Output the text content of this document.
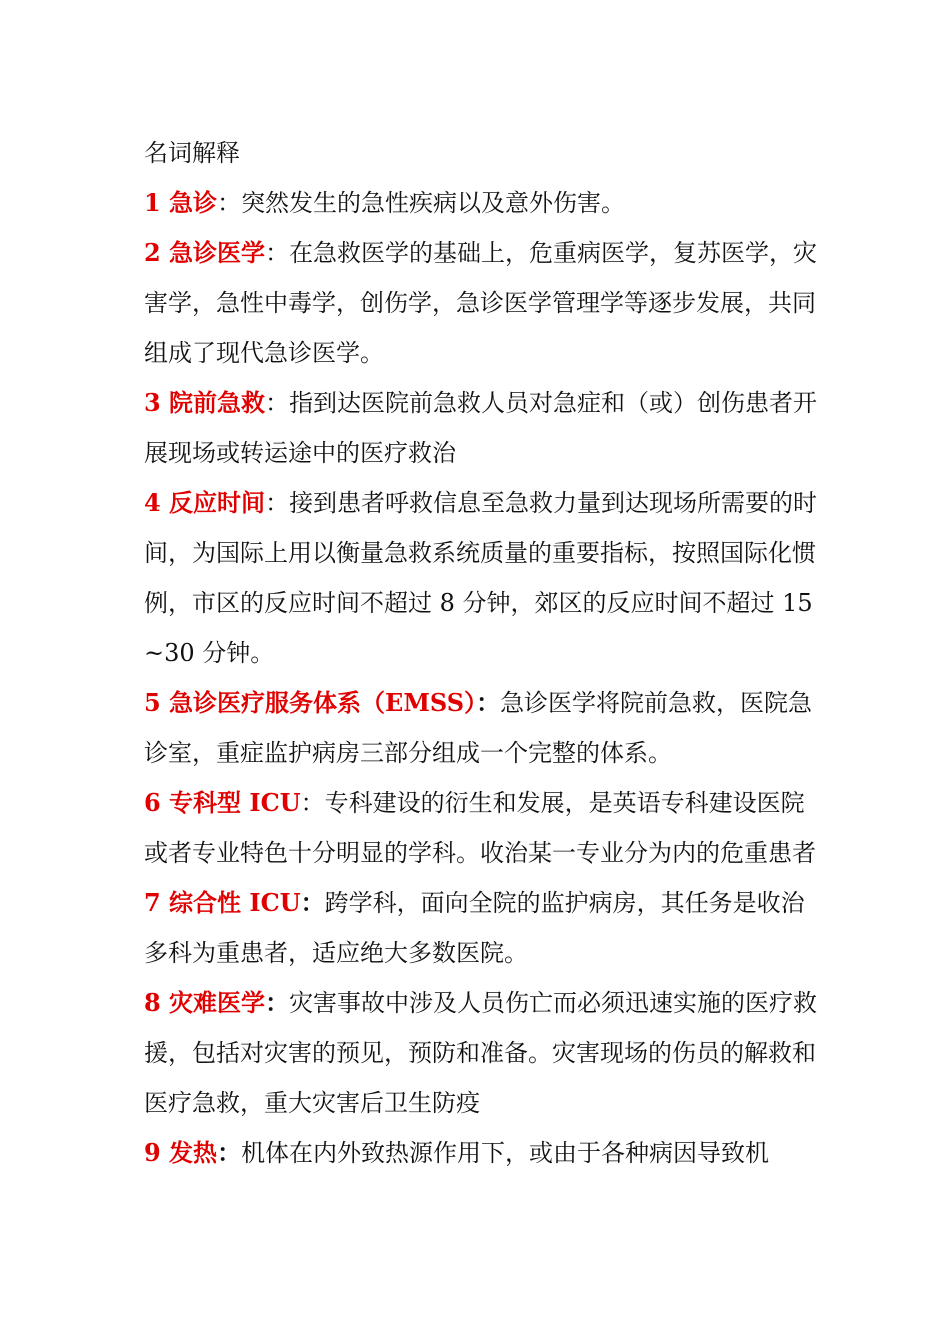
名词解释
1 急诊：突然发生的急性疾病以及意外伤害。
2 急诊医学：在急救医学的基础上，危重病医学，复苏医学，灾害学，急性中毒学，创伤学，急诊医学管理学等逐步发展，共同组成了现代急诊医学。
3 院前急救：指到达医院前急救人员对急症和（或）创伤患者开展现场或转运途中的医疗救治
4 反应时间：接到患者呼救信息至急救力量到达现场所需要的时间，为国际上用以衡量急救系统质量的重要指标，按照国际化惯例，市区的反应时间不超过 8 分钟，郊区的反应时间不超过 15~30 分钟。
5 急诊医疗服务体系（EMSS）：急诊医学将院前急救，医院急诊室，重症监护病房三部分组成一个完整的体系。
6 专科型 ICU：专科建设的衍生和发展，是英语专科建设医院或者专业特色十分明显的学科。收治某一专业分为内的危重患者
7 综合性 ICU：跨学科，面向全院的监护病房，其任务是收治多科为重患者，适应绝大多数医院。
8 灾难医学：灾害事故中涉及人员伤亡而必须迅速实施的医疗救援，包括对灾害的预见，预防和准备。灾害现场的伤员的解救和医疗急救，重大灾害后卫生防疫
9 发热：机体在内外致热源作用下，或由于各种病因导致机
